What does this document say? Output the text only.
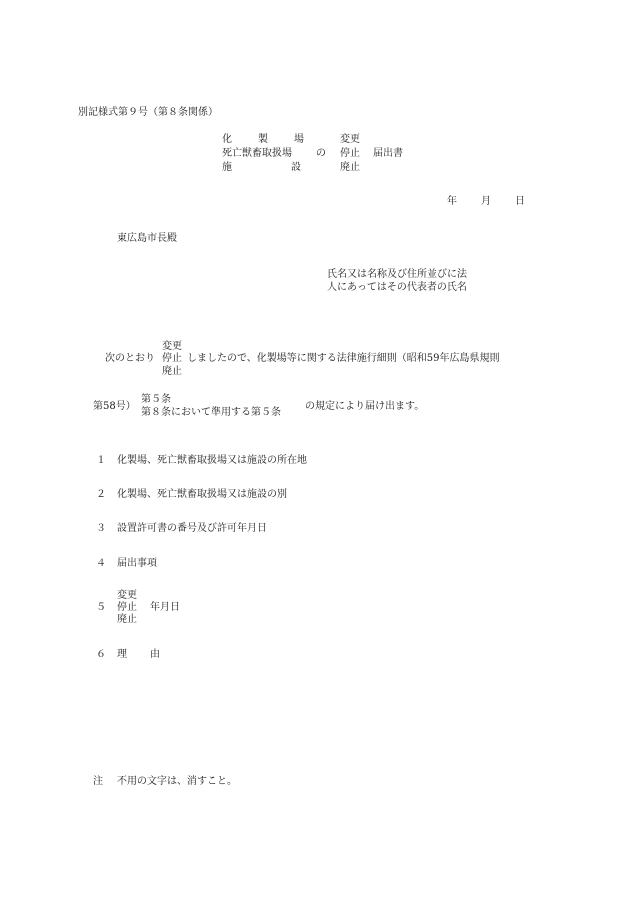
別記様式第９号（第８条関係）
化	製	場
死亡獣畜取扱場
施	設
の
変更
停止
廃止
届出書
年 月 日
東広島市長殿
氏名又は名称及び住所並びに法
人にあってはその代表者の氏名
変更
次のとおり 停止 しましたので、化製場等に関する法律施行細則（昭和59年広島県規則
廃止
第58号）
第５条
第８条において準用する第５条
の規定により届け出ます。
１ 化製場、死亡獣畜取扱場又は施設の所在地
２ 化製場、死亡獣畜取扱場又は施設の別
３ 設置許可書の番号及び許可年月日
４ 届出事項
５
変更
停止
廃止
年月日
６ 理 由
注 不用の文字は、消すこと。
